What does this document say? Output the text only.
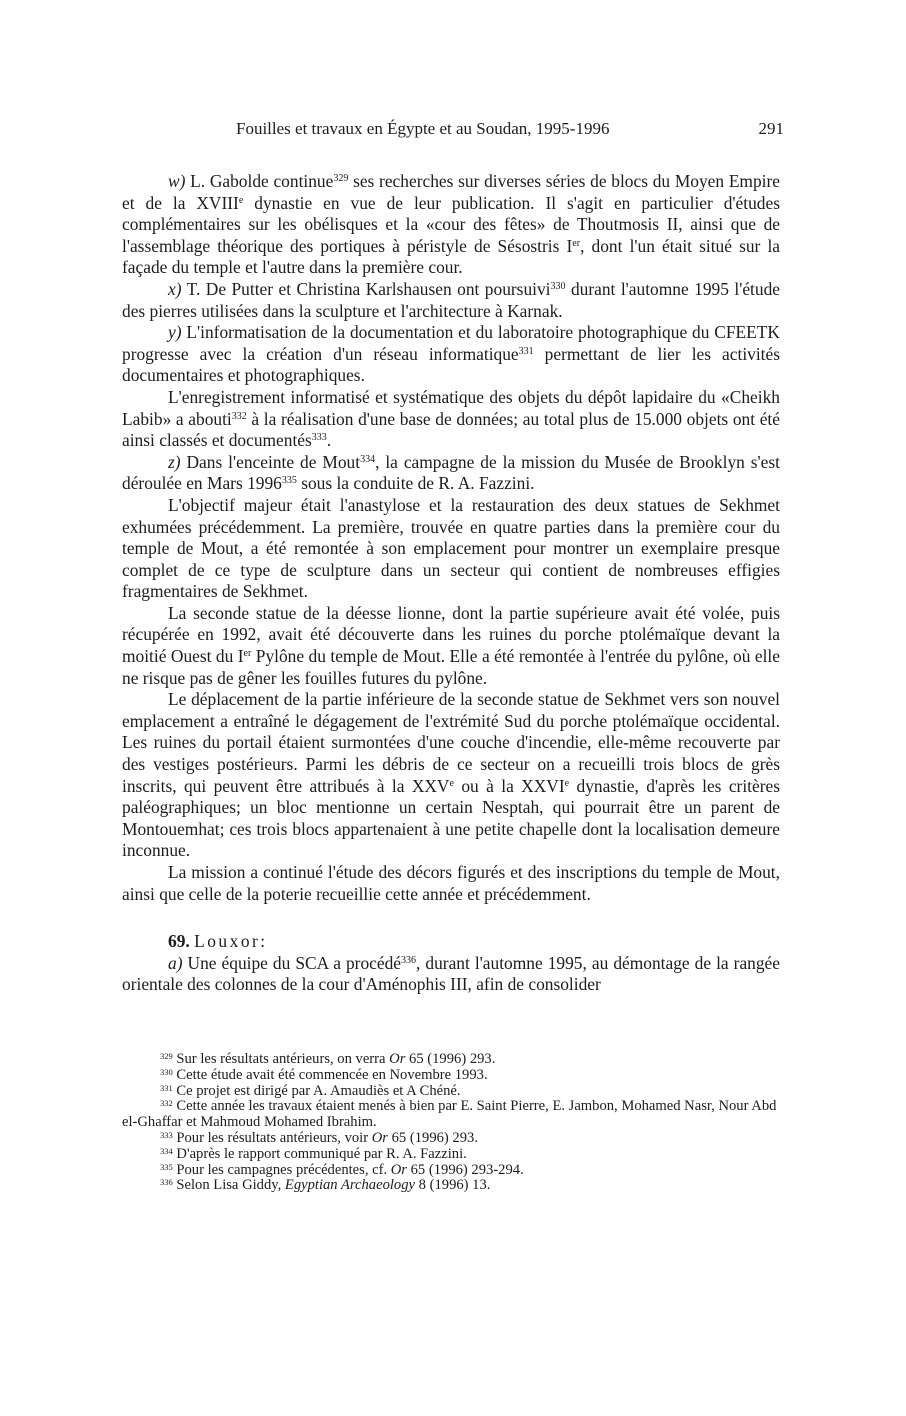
Fouilles et travaux en Égypte et au Soudan, 1995-1996	291

w) L. Gabolde continue$^{329}$ ses recherches sur diverses séries de blocs du Moyen Empire et de la XVIIIe dynastie en vue de leur publication. Il s'agit en particulier d'études complémentaires sur les obélisques et la «cour des fêtes» de Thoutmosis II, ainsi que de l'assemblage théorique des portiques à péristyle de Sésostris Ier, dont l'un était situé sur la façade du temple et l'autre dans la première cour.

x) T. De Putter et Christina Karlshausen ont poursuivi$^{330}$ durant l'automne 1995 l'étude des pierres utilisées dans la sculpture et l'architecture à Karnak.

y) L'informatisation de la documentation et du laboratoire photographique du CFEETK progresse avec la création d'un réseau informatique$^{331}$ permettant de lier les activités documentaires et photographiques.

L'enregistrement informatisé et systématique des objets du dépôt lapidaire du «Cheikh Labib» a abouti$^{332}$ à la réalisation d'une base de données; au total plus de 15.000 objets ont été ainsi classés et documentés$^{333}$.

z) Dans l'enceinte de Mout$^{334}$, la campagne de la mission du Musée de Brooklyn s'est déroulée en Mars 1996$^{335}$ sous la conduite de R. A. Fazzini.

L'objectif majeur était l'anastylose et la restauration des deux statues de Sekhmet exhumées précédemment. La première, trouvée en quatre parties dans la première cour du temple de Mout, a été remontée à son emplacement pour montrer un exemplaire presque complet de ce type de sculpture dans un secteur qui contient de nombreuses effigies fragmentaires de Sekhmet.

La seconde statue de la déesse lionne, dont la partie supérieure avait été volée, puis récupérée en 1992, avait été découverte dans les ruines du porche ptolémaïque devant la moitié Ouest du Ier Pylône du temple de Mout. Elle a été remontée à l'entrée du pylône, où elle ne risque pas de gêner les fouilles futures du pylône.

Le déplacement de la partie inférieure de la seconde statue de Sekhmet vers son nouvel emplacement a entraîné le dégagement de l'extrémité Sud du porche ptolémaïque occidental. Les ruines du portail étaient surmontées d'une couche d'incendie, elle-même recouverte par des vestiges postérieurs. Parmi les débris de ce secteur on a recueilli trois blocs de grès inscrits, qui peuvent être attribués à la XXVe ou à la XXVIe dynastie, d'après les critères paléographiques; un bloc mentionne un certain Nesptah, qui pourrait être un parent de Montouemhat; ces trois blocs appartenaient à une petite chapelle dont la localisation demeure inconnue.

La mission a continué l'étude des décors figurés et des inscriptions du temple de Mout, ainsi que celle de la poterie recueillie cette année et précédemment.

69. Louxor:

a) Une équipe du SCA a procédé$^{336}$, durant l'automne 1995, au démontage de la rangée orientale des colonnes de la cour d'Aménophis III, afin de consolider

$^{329}$ Sur les résultats antérieurs, on verra Or 65 (1996) 293.

$^{330}$ Cette étude avait été commencée en Novembre 1993.

$^{331}$ Ce projet est dirigé par A. Amaudiès et A Chéné.

$^{332}$ Cette année les travaux étaient menés à bien par E. Saint Pierre, E. Jambon, Mohamed Nasr, Nour Abd el-Ghaffar et Mahmoud Mohamed Ibrahim.

$^{333}$ Pour les résultats antérieurs, voir Or 65 (1996) 293.

$^{334}$ D'après le rapport communiqué par R. A. Fazzini.

$^{335}$ Pour les campagnes précédentes, cf. Or 65 (1996) 293-294.

$^{336}$ Selon Lisa Giddy, Egyptian Archaeology 8 (1996) 13.
